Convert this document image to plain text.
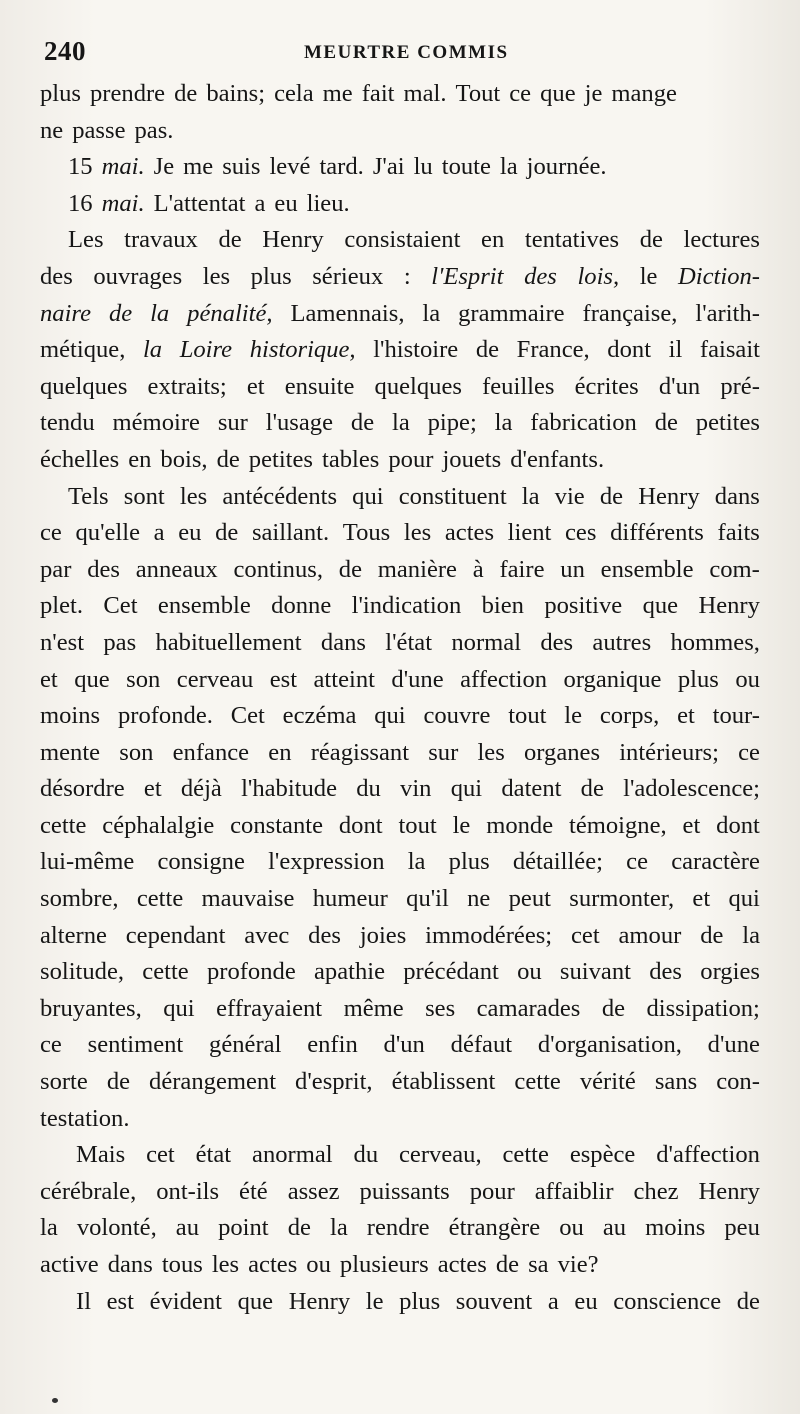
240	MEURTRE COMMIS
plus prendre de bains; cela me fait mal. Tout ce que je mange
ne passe pas.
15 mai. Je me suis levé tard. J'ai lu toute la journée.
16 mai. L'attentat a eu lieu.
Les travaux de Henry consistaient en tentatives de lectures
des ouvrages les plus sérieux : l'Esprit des lois, le Diction-
naire de la pénalité, Lamennais, la grammaire française, l'arith-
métique, la Loire historique, l'histoire de France, dont il faisait
quelques extraits; et ensuite quelques feuilles écrites d'un pré-
tendu mémoire sur l'usage de la pipe; la fabrication de petites
échelles en bois, de petites tables pour jouets d'enfants.
Tels sont les antécédents qui constituent la vie de Henry dans
ce qu'elle a eu de saillant. Tous les actes lient ces différents faits
par des anneaux continus, de manière à faire un ensemble com-
plet. Cet ensemble donne l'indication bien positive que Henry
n'est pas habituellement dans l'état normal des autres hommes,
et que son cerveau est atteint d'une affection organique plus ou
moins profonde. Cet eczéma qui couvre tout le corps, et tour-
mente son enfance en réagissant sur les organes intérieurs; ce
désordre et déjà l'habitude du vin qui datent de l'adolescence;
cette céphalalgie constante dont tout le monde témoigne, et dont
lui-même consigne l'expression la plus détaillée; ce caractère
sombre, cette mauvaise humeur qu'il ne peut surmonter, et qui
alterne cependant avec des joies immodérées; cet amour de la
solitude, cette profonde apathie précédant ou suivant des orgies
bruyantes, qui effrayaient même ses camarades de dissipation;
ce sentiment général enfin d'un défaut d'organisation, d'une
sorte de dérangement d'esprit, établissent cette vérité sans con-
testation.
Mais cet état anormal du cerveau, cette espèce d'affection
cérébrale, ont-ils été assez puissants pour affaiblir chez Henry
la volonté, au point de la rendre étrangère ou au moins peu
active dans tous les actes ou plusieurs actes de sa vie?
Il est évident que Henry le plus souvent a eu conscience de
